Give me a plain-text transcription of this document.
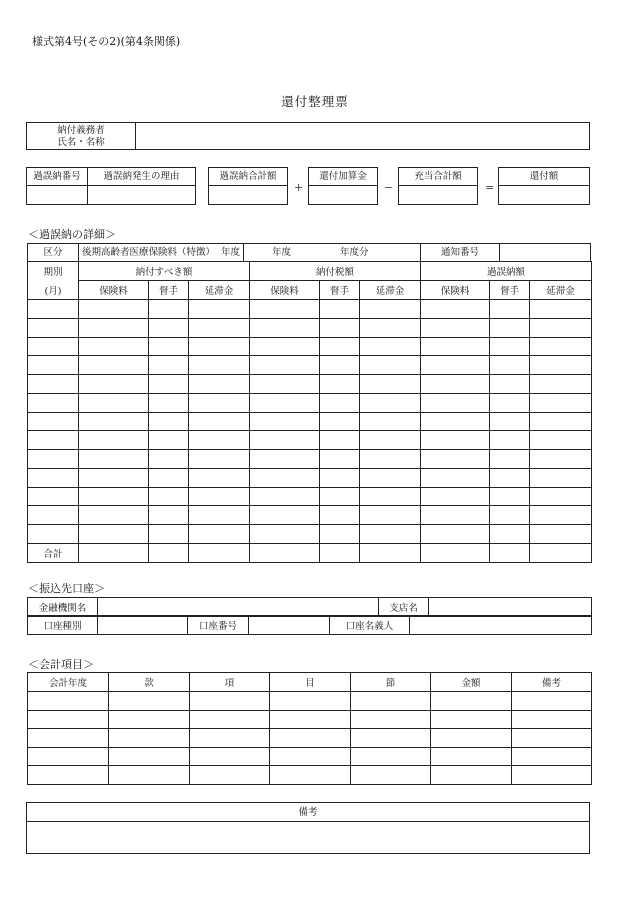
様式第4号(その2)(第4条関係)
還付整理票
納付義務者
氏名・名称
過誤納番号	過誤納発生の理由	過誤納合計額
+
還付加算金
−
充当合計額
=
還付額
＜過誤納の詳細＞
区分	後期高齢者医療保険料（特徴） 年度	年度	年度分	通知番号
期別	納付すべき額			納付税額			過誤納額		
(月)	保険料	督手	延滞金	保険料	督手	延滞金	保険料	督手	延滞金

合計									
＜振込先口座＞
金融機関名		支店名	
口座種別		口座番号		口座名義人	
＜会計項目＞
会計年度	款	項	目	節	金額	備考

備考
